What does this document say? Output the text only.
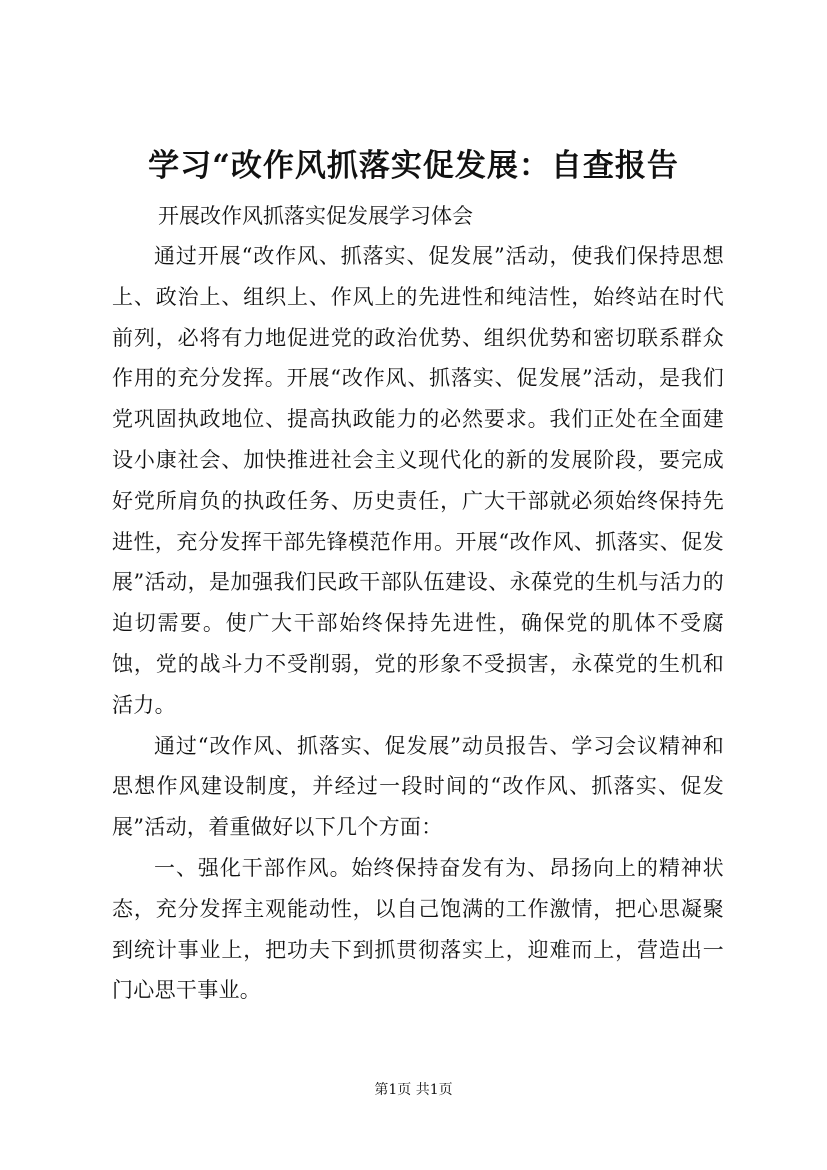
学习“改作风抓落实促发展：自查报告

开展改作风抓落实促发展学习体会

通过开展“改作风、抓落实、促发展”活动，使我们保持思想上、政治上、组织上、作风上的先进性和纯洁性，始终站在时代前列，必将有力地促进党的政治优势、组织优势和密切联系群众作用的充分发挥。开展“改作风、抓落实、促发展”活动，是我们党巩固执政地位、提高执政能力的必然要求。我们正处在全面建设小康社会、加快推进社会主义现代化的新的发展阶段，要完成好党所肩负的执政任务、历史责任，广大干部就必须始终保持先进性，充分发挥干部先锋模范作用。开展“改作风、抓落实、促发展”活动，是加强我们民政干部队伍建设、永葆党的生机与活力的迫切需要。使广大干部始终保持先进性，确保党的肌体不受腐蚀，党的战斗力不受削弱，党的形象不受损害，永葆党的生机和活力。

通过“改作风、抓落实、促发展”动员报告、学习会议精神和思想作风建设制度，并经过一段时间的“改作风、抓落实、促发展”活动，着重做好以下几个方面：

一、强化干部作风。始终保持奋发有为、昂扬向上的精神状态，充分发挥主观能动性，以自己饱满的工作激情，把心思凝聚到统计事业上，把功夫下到抓贯彻落实上，迎难而上，营造出一门心思干事业。

第1页 共1页
